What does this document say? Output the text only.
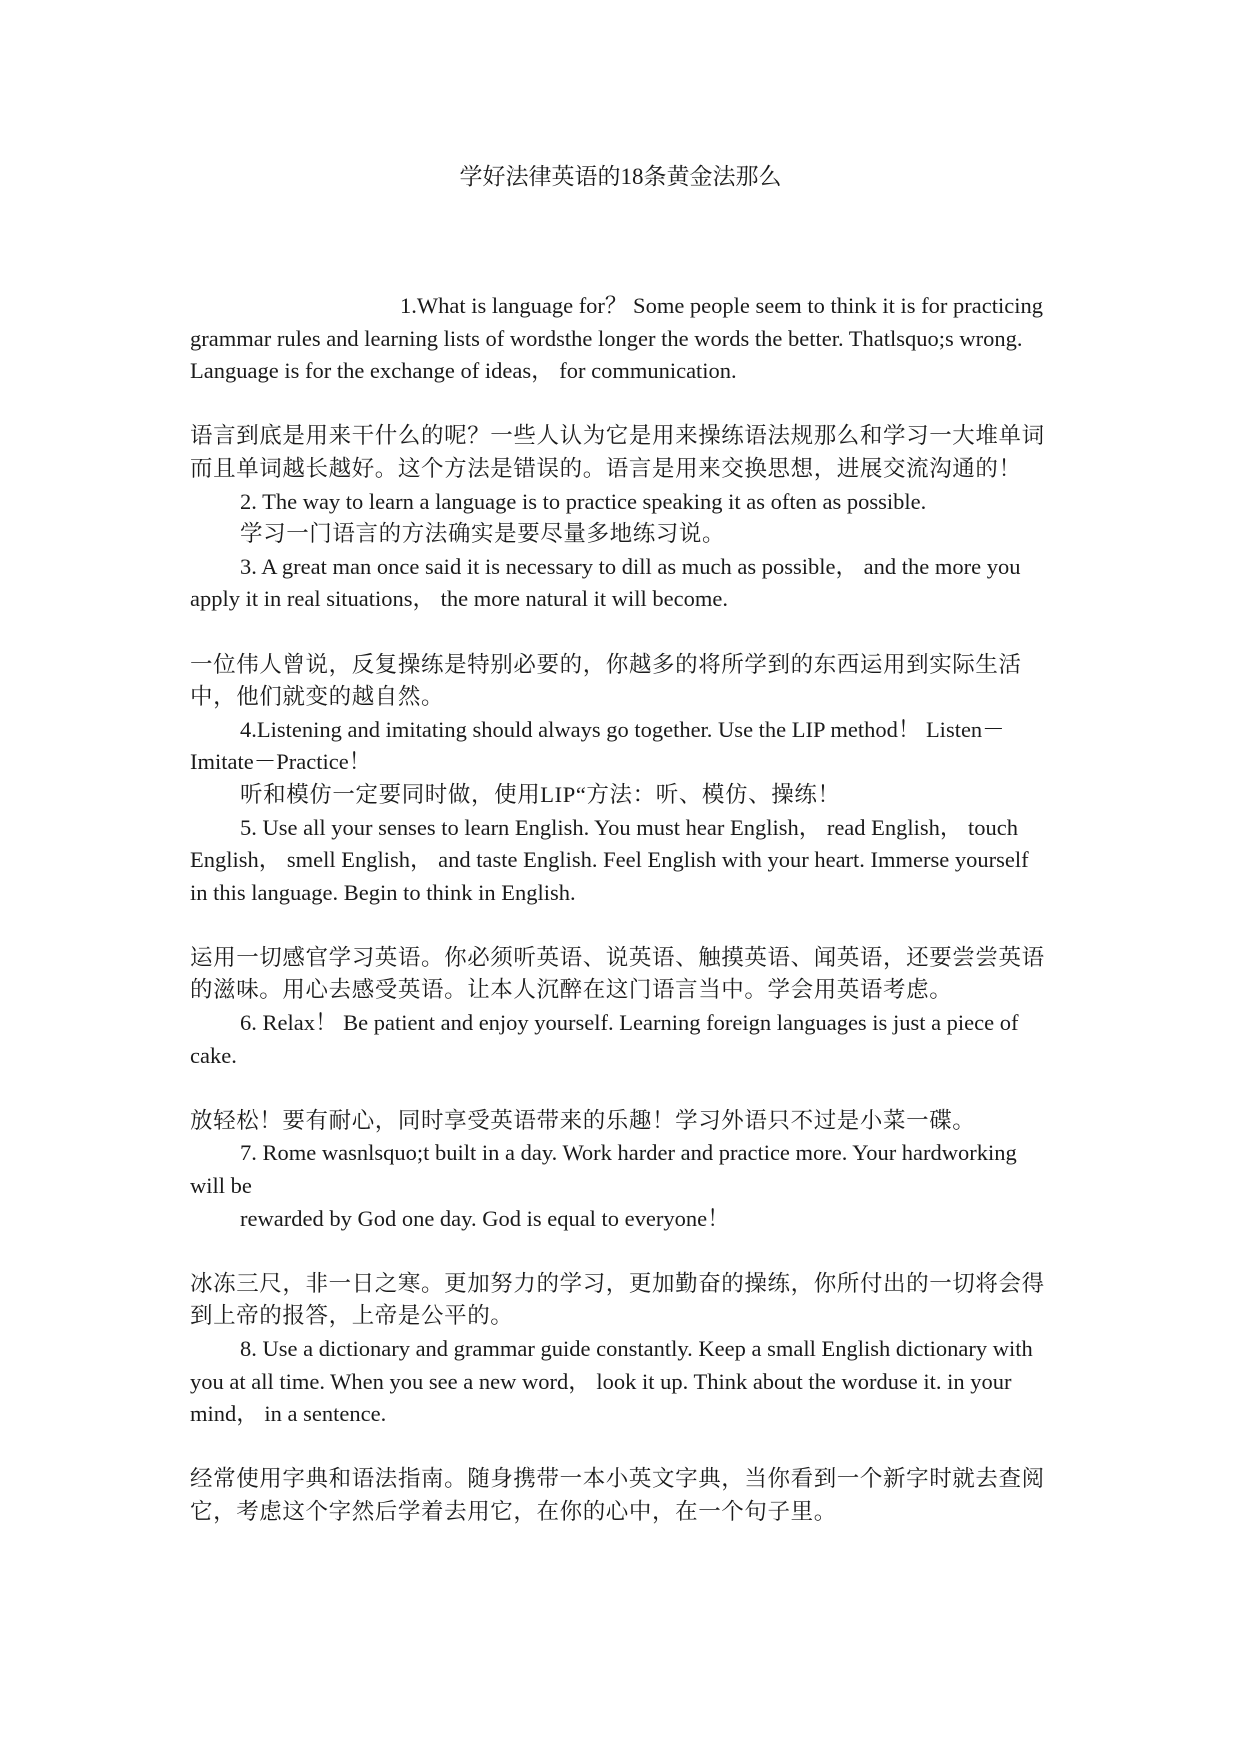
学好法律英语的18条黄金法那么

1.What is language for？ Some people seem to think it is for practicing grammar rules and learning lists of wordsthe longer the words the better. Thatlsquo;s wrong. Language is for the exchange of ideas， for communication.

语言到底是用来干什么的呢？一些人认为它是用来操练语法规那么和学习一大堆单词而且单词越长越好。这个方法是错误的。语言是用来交换思想，进展交流沟通的！

2. The way to learn a language is to practice speaking it as often as possible.

学习一门语言的方法确实是要尽量多地练习说。

3. A great man once said it is necessary to dill as much as possible， and the more you apply it in real situations， the more natural it will become.

一位伟人曾说，反复操练是特别必要的，你越多的将所学到的东西运用到实际生活中，他们就变的越自然。

4.Listening and imitating should always go together. Use the LIP method！ Listen－Imitate－Practice！

听和模仿一定要同时做，使用LIP“方法：听、模仿、操练！

5. Use all your senses to learn English. You must hear English， read English， touch English， smell English， and taste English. Feel English with your heart. Immerse yourself in this language. Begin to think in English.

运用一切感官学习英语。你必须听英语、说英语、触摸英语、闻英语，还要尝尝英语的滋味。用心去感受英语。让本人沉醉在这门语言当中。学会用英语考虑。

6. Relax！ Be patient and enjoy yourself. Learning foreign languages is just a piece of cake.

放轻松！要有耐心，同时享受英语带来的乐趣！学习外语只不过是小菜一碟。

7. Rome wasnlsquo;t built in a day. Work harder and practice more. Your hardworking will be

rewarded by God one day. God is equal to everyone！

冰冻三尺，非一日之寒。更加努力的学习，更加勤奋的操练，你所付出的一切将会得到上帝的报答，上帝是公平的。

8. Use a dictionary and grammar guide constantly. Keep a small English dictionary with you at all time. When you see a new word， look it up. Think about the worduse it. in your mind， in a sentence.

经常使用字典和语法指南。随身携带一本小英文字典，当你看到一个新字时就去查阅它，考虑这个字然后学着去用它，在你的心中，在一个句子里。
